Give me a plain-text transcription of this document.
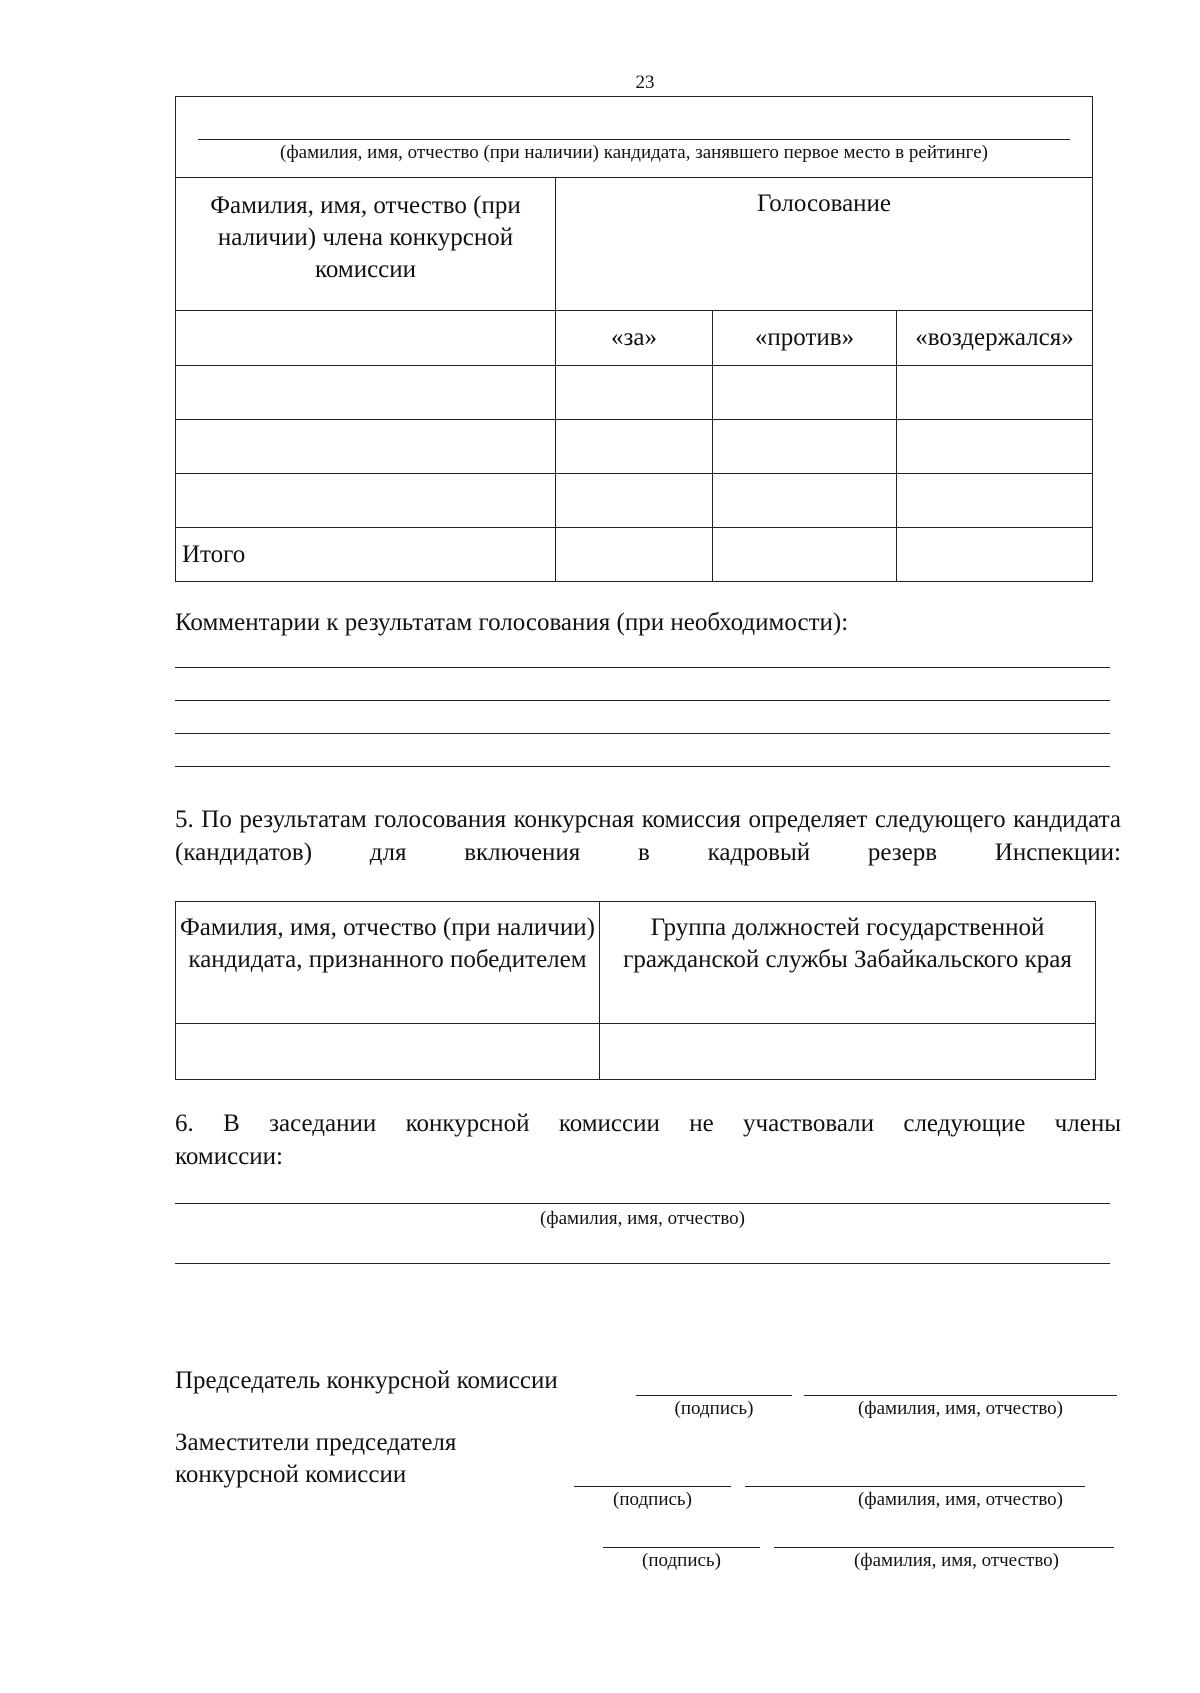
23
(фамилия, имя, отчество (при наличии) кандидата, занявшего первое место в рейтинге)			

Фамилия, имя, отчество (при наличии) члена конкурсной комиссии	Голосование		
	«за»	«против»	«воздержался»

Итого			
Комментарии к результатам голосования (при необходимости):
5. По результатам голосования конкурсная комиссия определяет следующего кандидата (кандидатов) для включения в кадровый резерв Инспекции:
Фамилия, имя, отчество (при наличии) кандидата, признанного победителем	Группа должностей государственной гражданской службы Забайкальского края

6. В заседании конкурсной комиссии не участвовали следующие члены
комиссии:
(фамилия, имя, отчество)
Председатель конкурсной комиссии
(подпись)	(фамилия, имя, отчество)
Заместители председателя
конкурсной комиссии
(подпись)	(фамилия, имя, отчество)
(подпись)	(фамилия, имя, отчество)
